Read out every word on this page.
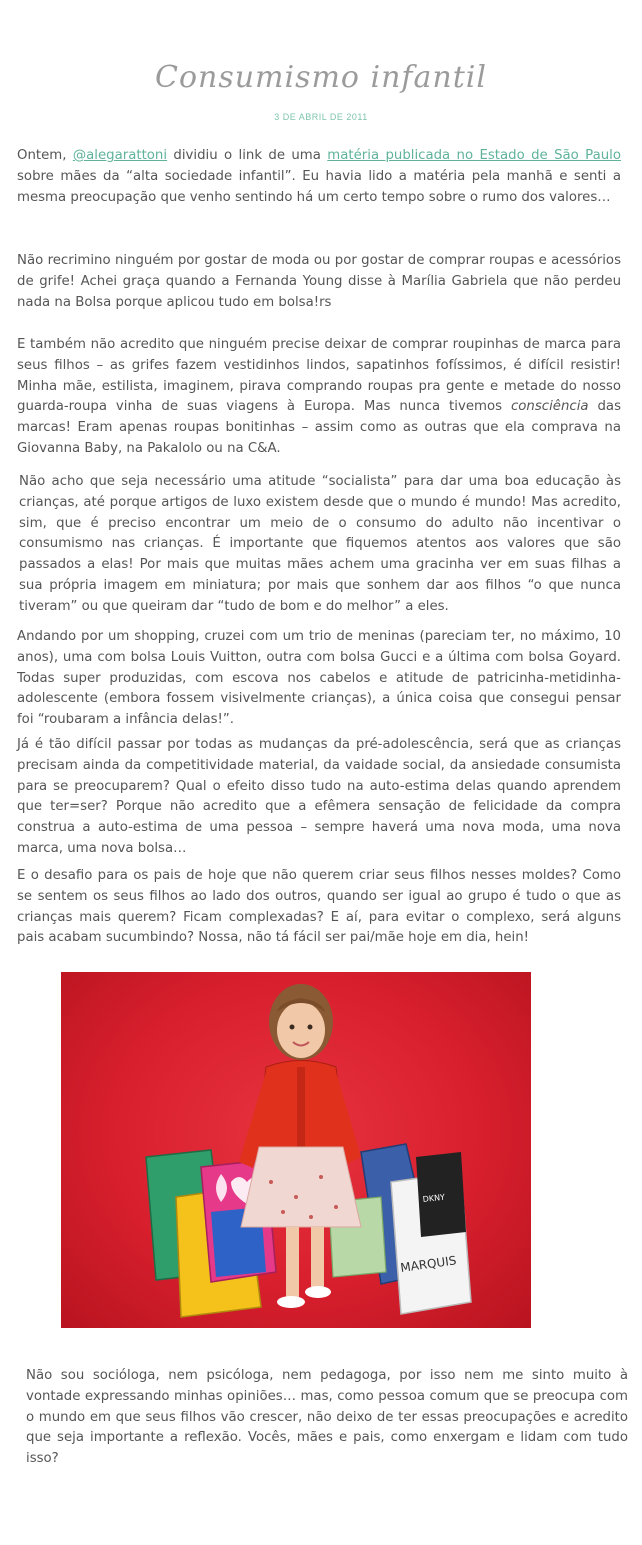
Consumismo infantil
3 DE ABRIL DE 2011

Ontem, @alegarattoni dividiu o link de uma matéria publicada no Estado de São Paulo sobre mães da “alta sociedade infantil”. Eu havia lido a matéria pela manhã e senti a mesma preocupação que venho sentindo há um certo tempo sobre o rumo dos valores…

Não recrimino ninguém por gostar de moda ou por gostar de comprar roupas e acessórios de grife! Achei graça quando a Fernanda Young disse à Marília Gabriela que não perdeu nada na Bolsa porque aplicou tudo em bolsa!rs

E também não acredito que ninguém precise deixar de comprar roupinhas de marca para seus filhos – as grifes fazem vestidinhos lindos, sapatinhos fofíssimos, é difícil resistir! Minha mãe, estilista, imaginem, pirava comprando roupas pra gente e metade do nosso guarda-roupa vinha de suas viagens à Europa. Mas nunca tivemos consciência das marcas! Eram apenas roupas bonitinhas – assim como as outras que ela comprava na Giovanna Baby, na Pakalolo ou na C&A.

Não acho que seja necessário uma atitude “socialista” para dar uma boa educação às crianças, até porque artigos de luxo existem desde que o mundo é mundo! Mas acredito, sim, que é preciso encontrar um meio de o consumo do adulto não incentivar o consumismo nas crianças. É importante que fiquemos atentos aos valores que são passados a elas! Por mais que muitas mães achem uma gracinha ver em suas filhas a sua própria imagem em miniatura; por mais que sonhem dar aos filhos “o que nunca tiveram” ou que queiram dar “tudo de bom e do melhor” a eles.

Andando por um shopping, cruzei com um trio de meninas (pareciam ter, no máximo, 10 anos), uma com bolsa Louis Vuitton, outra com bolsa Gucci e a última com bolsa Goyard. Todas super produzidas, com escova nos cabelos e atitude de patricinha-metidinha-adolescente (embora fossem visivelmente crianças), a única coisa que consegui pensar foi “roubaram a infância delas!”.

Já é tão difícil passar por todas as mudanças da pré-adolescência, será que as crianças precisam ainda da competitividade material, da vaidade social, da ansiedade consumista para se preocuparem? Qual o efeito disso tudo na auto-estima delas quando aprendem que ter=ser? Porque não acredito que a efêmera sensação de felicidade da compra construa a auto-estima de uma pessoa – sempre haverá uma nova moda, uma nova marca, uma nova bolsa…

E o desafio para os pais de hoje que não querem criar seus filhos nesses moldes? Como se sentem os seus filhos ao lado dos outros, quando ser igual ao grupo é tudo o que as crianças mais querem? Ficam complexadas? E aí, para evitar o complexo, será alguns pais acabam sucumbindo? Nossa, não tá fácil ser pai/mãe hoje em dia, hein!

MARQUIS
DKNY

Não sou socióloga, nem psicóloga, nem pedagoga, por isso nem me sinto muito à vontade expressando minhas opiniões… mas, como pessoa comum que se preocupa com o mundo em que seus filhos vão crescer, não deixo de ter essas preocupações e acredito que seja importante a reflexão. Vocês, mães e pais, como enxergam e lidam com tudo isso?
